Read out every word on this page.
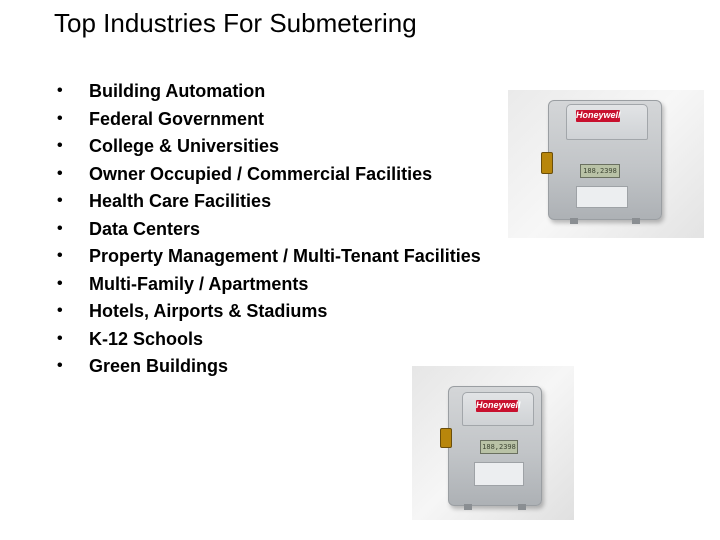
Top Industries For Submetering
• Building Automation
• Federal Government
• College & Universities
• Owner Occupied / Commercial Facilities
• Health Care Facilities
• Data Centers
• Property Management / Multi-Tenant Facilities
• Multi-Family / Apartments
• Hotels, Airports & Stadiums
• K-12 Schools
• Green Buildings
Honeywell
188,2398
Honeywell
188,2398
